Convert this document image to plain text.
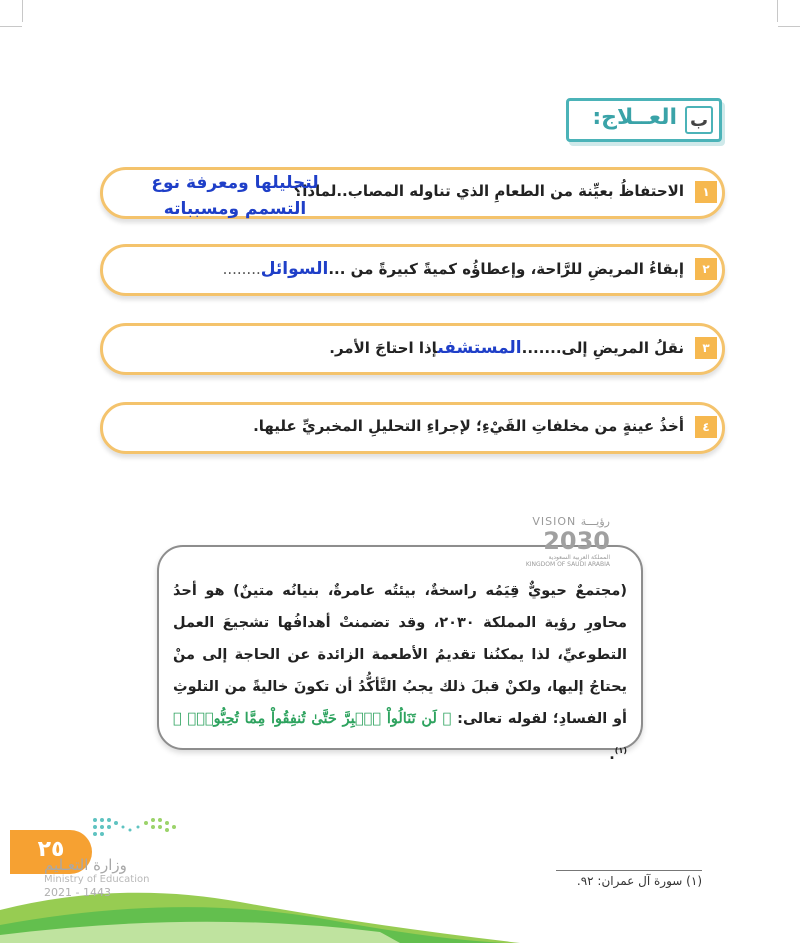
ب
العــلاج:
١
الاحتفاظُ بعيِّنة من الطعامِ الذي تناوله المصاب..لماذا؟
لتحليلها ومعرفة نوع التسمم ومسبباته
٢
إبقاءُ المريضِ للرَّاحة، وإعطاؤُه كميةً كبيرةً من ...السوائل........
٣
نقلُ المريضِ إلى.......المستشفىإذا احتاجَ الأمر.
٤
أخذُ عينةٍ من مخلفاتِ القَيْءِ؛ لإجراءِ التحليلِ المخبريِّ عليها.
(مجتمعٌ حيويٌّ قِيَمُه راسخةٌ، بيئتُه عامرةٌ، بنيانُه متينٌ) هو أحدُ محاورِ رؤية المملكة ٢٠٣٠، وقد تضمنتْ أهدافُها تشجيعَ العمل التطوعيِّ، لذا يمكنُنا تقديمُ الأطعمة الزائدة عن الحاجة إلى منْ يحتاجُ إليها، ولكنْ قبلَ ذلك يجبُ التَّأكُّدُ أن تكونَ خاليةً من التلوثِ أو الفسادِ؛ لقوله تعالى: ﴿ لَن تَنَالُواْ ٱلۡبِرَّ حَتَّىٰ تُنفِقُواْ مِمَّا تُحِبُّونَۚ ﴾$^{(١)}$.
VISION رؤيـــة
2030
المملكة العربية السعودية
KINGDOM OF SAUDI ARABIA
٢٥
وزارة التعـليم
Ministry of Education
2021 - 1443
(١) سورة آل عمران: ٩٢.
